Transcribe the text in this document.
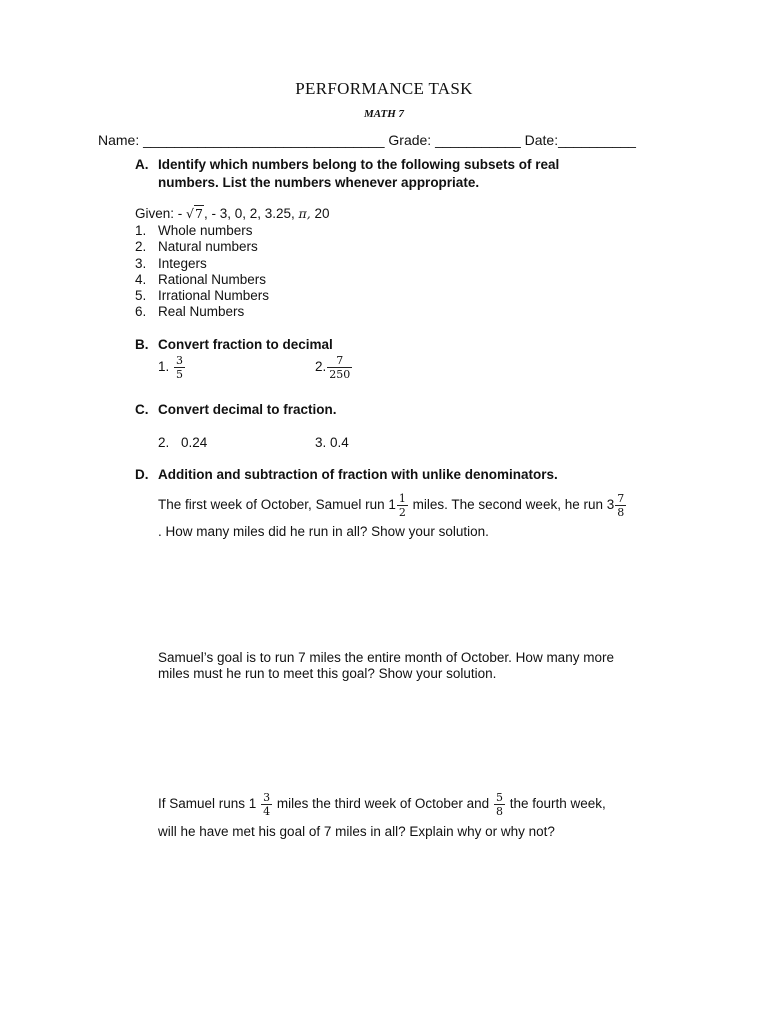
PERFORMANCE TASK
MATH 7
Name: _______________________________ Grade: ___________ Date:__________
A. Identify which numbers belong to the following subsets of real
numbers. List the numbers whenever appropriate.
Given: - √7, - 3, 0, 2, 3.25, π, 20
1. Whole numbers
2. Natural numbers
3. Integers
4. Rational Numbers
5. Irrational Numbers
6. Real Numbers
B. Convert fraction to decimal
1. $\frac{3}{5}$	2. $\frac{7}{250}$
C. Convert decimal to fraction.
2. 0.24	3. 0.4
D. Addition and subtraction of fraction with unlike denominators.
The first week of October, Samuel run $1 \frac{1}{2}$ miles. The second week, he run $3 \frac{7}{8}$
. How many miles did he run in all? Show your solution.
Samuel’s goal is to run 7 miles the entire month of October. How many more
miles must he run to meet this goal? Show your solution.
If Samuel runs $1 \frac{3}{4}$ miles the third week of October and $\frac{5}{8}$ the fourth week,
will he have met his goal of 7 miles in all? Explain why or why not?
